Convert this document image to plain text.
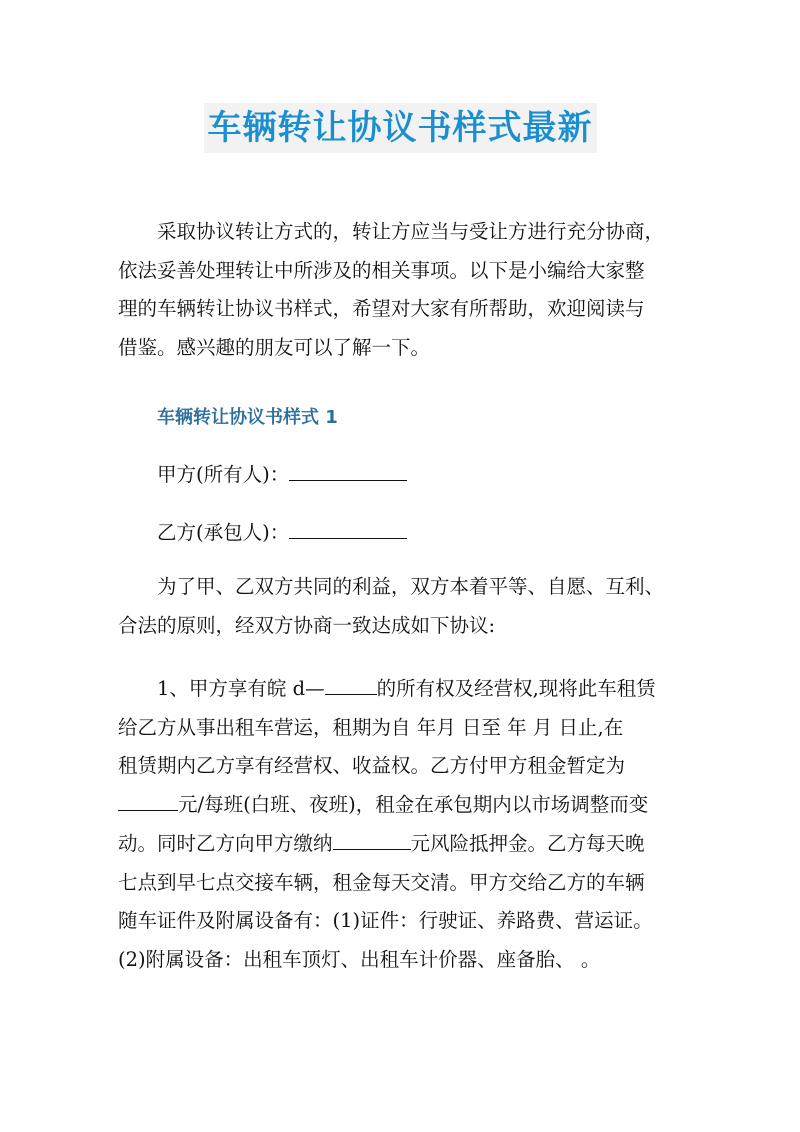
车辆转让协议书样式最新
采取协议转让方式的，转让方应当与受让方进行充分协商，
依法妥善处理转让中所涉及的相关事项。以下是小编给大家整
理的车辆转让协议书样式，希望对大家有所帮助，欢迎阅读与
借鉴。感兴趣的朋友可以了解一下。
车辆转让协议书样式 1
甲方(所有人)：
乙方(承包人)：
为了甲、乙双方共同的利益，双方本着平等、自愿、互利、
合法的原则，经双方协商一致达成如下协议:
1、甲方享有皖 d—	的所有权及经营权,现将此车租赁
给乙方从事出租车营运，租期为自 年月 日至 年 月 日止,在
租赁期内乙方享有经营权、收益权。乙方付甲方租金暂定为
元/每班(白班、夜班)，租金在承包期内以市场调整而变
动。同时乙方向甲方缴纳	元风险抵押金。乙方每天晚
七点到早七点交接车辆，租金每天交清。甲方交给乙方的车辆
随车证件及附属设备有：(1)证件：行驶证、养路费、营运证。
(2)附属设备：出租车顶灯、出租车计价器、座备胎、 。
